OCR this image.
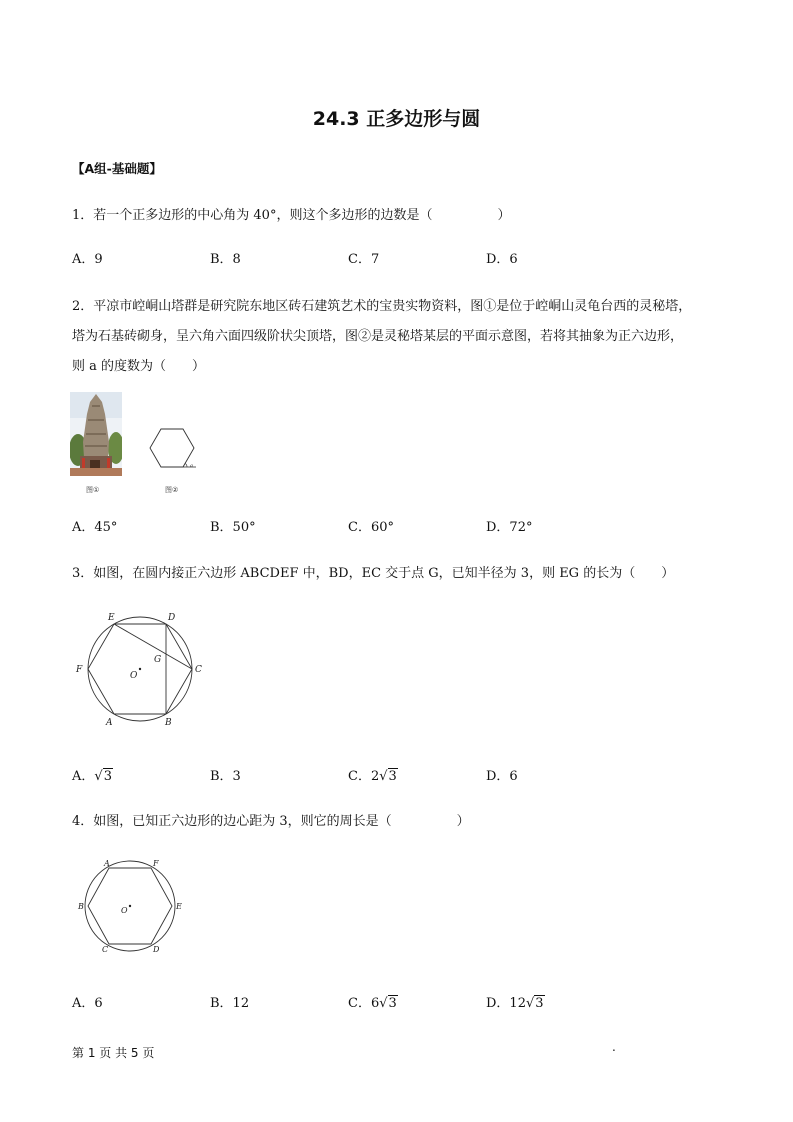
24.3 正多边形与圆
【A组-基础题】
1．若一个正多边形的中心角为 40°，则这个多边形的边数是（　　　　　）
A．9	B．8	C．7	D．6
2．平凉市崆峒山塔群是研究院东地区砖石建筑艺术的宝贵实物资料，图①是位于崆峒山灵龟台西的灵秘塔，
塔为石基砖砌身，呈六角六面四级阶状尖顶塔，图②是灵秘塔某层的平面示意图，若将其抽象为正六边形，
则 a 的度数为（　　）
图①
a
图②
A．45°	B．50°	C．60°	D．72°
3．如图，在圆内接正六边形 ABCDEF 中，BD，EC 交于点 G，已知半径为 3，则 EG 的长为（　　）
E	D
F	C
A	B
G
O
A．√3	B．3	C．2√3	D．6
4．如图，已知正六边形的边心距为 3，则它的周长是（　　　　　）
A	F
B	E
C	D
O
A．6	B．12	C．6√3	D．12√3
第 1 页 共 5 页	.
